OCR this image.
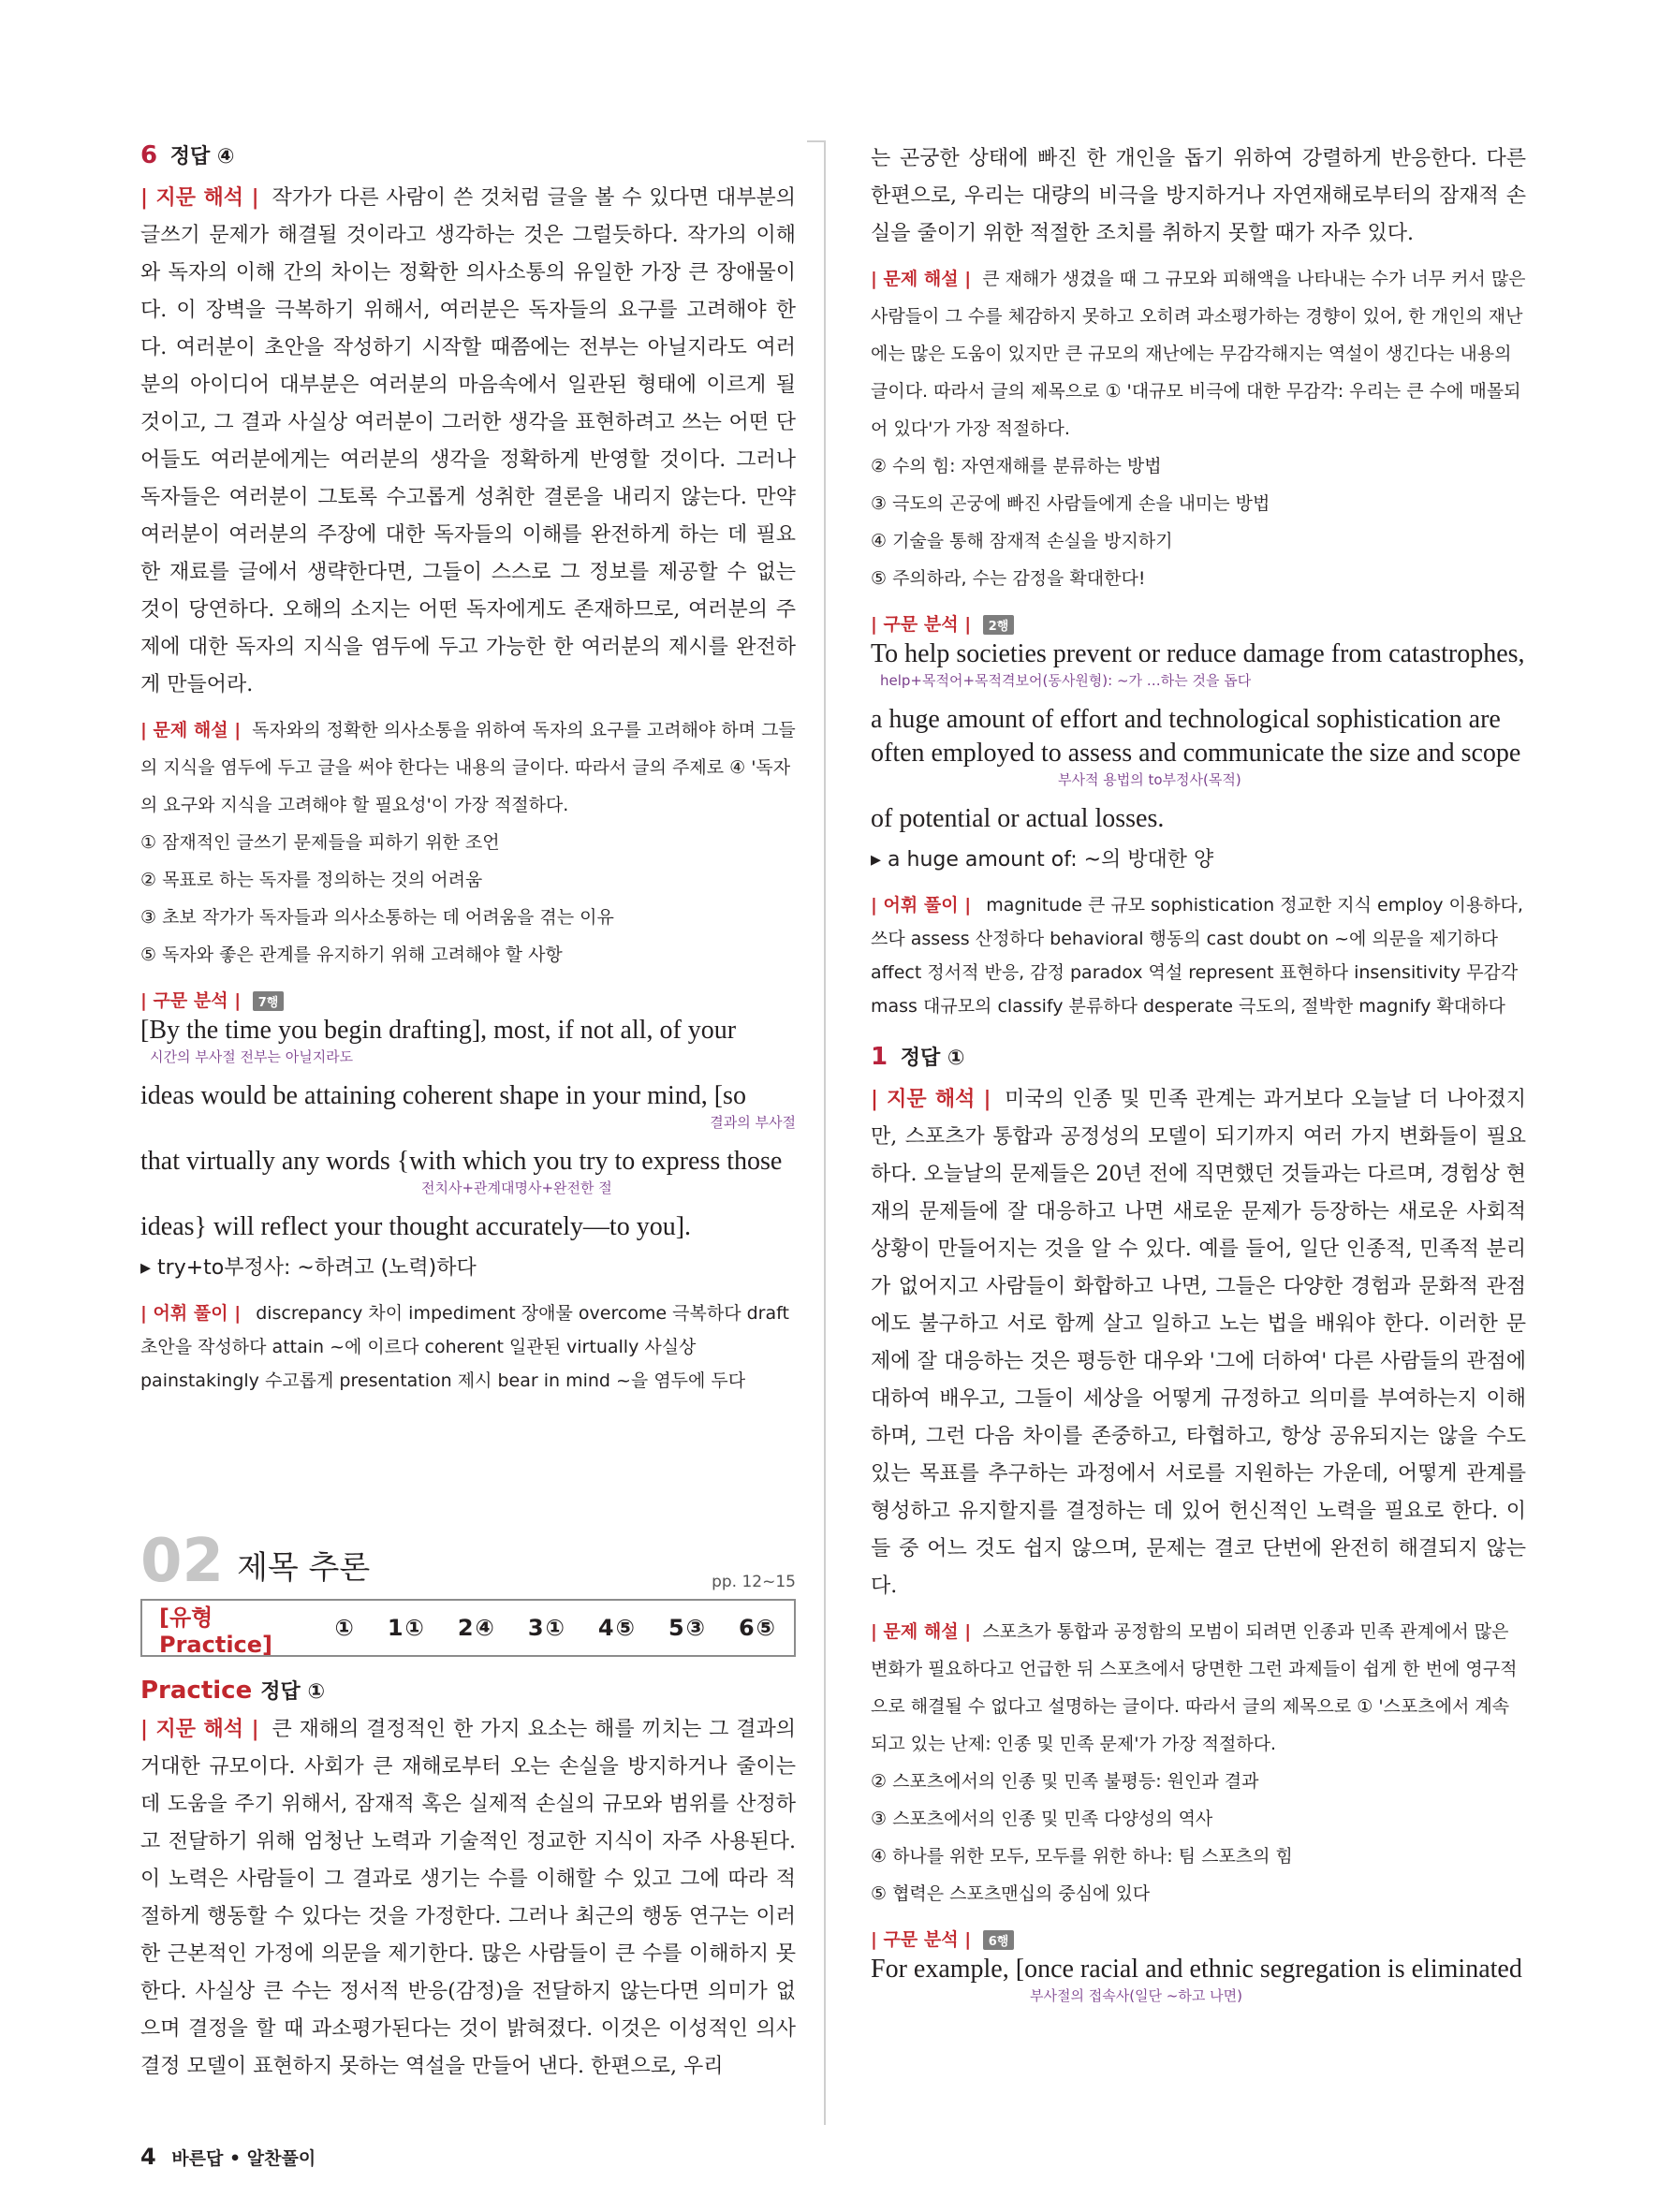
6 정답 ④

| 지문 해석 | 작가가 다른 사람이 쓴 것처럼 글을 볼 수 있다면 대부분의 글쓰기 문제가 해결될 것이라고 생각하는 것은 그럴듯하다. 작가의 이해와 독자의 이해 간의 차이는 정확한 의사소통의 유일한 가장 큰 장애물이다. 이 장벽을 극복하기 위해서, 여러분은 독자들의 요구를 고려해야 한다. 여러분이 초안을 작성하기 시작할 때쯤에는 전부는 아닐지라도 여러분의 아이디어 대부분은 여러분의 마음속에서 일관된 형태에 이르게 될 것이고, 그 결과 사실상 여러분이 그러한 생각을 표현하려고 쓰는 어떤 단어들도 여러분에게는 여러분의 생각을 정확하게 반영할 것이다. 그러나 독자들은 여러분이 그토록 수고롭게 성취한 결론을 내리지 않는다. 만약 여러분이 여러분의 주장에 대한 독자들의 이해를 완전하게 하는 데 필요한 재료를 글에서 생략한다면, 그들이 스스로 그 정보를 제공할 수 없는 것이 당연하다. 오해의 소지는 어떤 독자에게도 존재하므로, 여러분의 주제에 대한 독자의 지식을 염두에 두고 가능한 한 여러분의 제시를 완전하게 만들어라.

| 문제 해설 | 독자와의 정확한 의사소통을 위하여 독자의 요구를 고려해야 하며 그들의 지식을 염두에 두고 글을 써야 한다는 내용의 글이다. 따라서 글의 주제로 ④ '독자의 요구와 지식을 고려해야 할 필요성'이 가장 적절하다.

① 잠재적인 글쓰기 문제들을 피하기 위한 조언
② 목표로 하는 독자를 정의하는 것의 어려움
③ 초보 작가가 독자들과 의사소통하는 데 어려움을 겪는 이유
⑤ 독자와 좋은 관계를 유지하기 위해 고려해야 할 사항
| 구문 분석 | 7행

[By the time you begin drafting], most, if not all, of your

시간의 부사절 전부는 아닐지라도

ideas would be attaining coherent shape in your mind, [so

결과의 부사절

that virtually any words {with which you try to express those

전치사+관계대명사+완전한 절

ideas} will reflect your thought accurately—to you].

▸ try+to부정사: ~하려고 (노력)하다

| 어휘 풀이 | discrepancy 차이 impediment 장애물 overcome 극복하다 draft 초안을 작성하다 attain ~에 이르다 coherent 일관된 virtually 사실상 painstakingly 수고롭게 presentation 제시 bear in mind ~을 염두에 두다

02 제목 추론	pp. 12~15
[유형 Practice]
① 1① 2④ 3① 4⑤ 5③ 6⑤
Practice 정답 ①

| 지문 해석 | 큰 재해의 결정적인 한 가지 요소는 해를 끼치는 그 결과의 거대한 규모이다. 사회가 큰 재해로부터 오는 손실을 방지하거나 줄이는 데 도움을 주기 위해서, 잠재적 혹은 실제적 손실의 규모와 범위를 산정하고 전달하기 위해 엄청난 노력과 기술적인 정교한 지식이 자주 사용된다. 이 노력은 사람들이 그 결과로 생기는 수를 이해할 수 있고 그에 따라 적절하게 행동할 수 있다는 것을 가정한다. 그러나 최근의 행동 연구는 이러한 근본적인 가정에 의문을 제기한다. 많은 사람들이 큰 수를 이해하지 못한다. 사실상 큰 수는 정서적 반응(감정)을 전달하지 않는다면 의미가 없으며 결정을 할 때 과소평가된다는 것이 밝혀졌다. 이것은 이성적인 의사 결정 모델이 표현하지 못하는 역설을 만들어 낸다. 한편으로, 우리

는 곤궁한 상태에 빠진 한 개인을 돕기 위하여 강렬하게 반응한다. 다른 한편으로, 우리는 대량의 비극을 방지하거나 자연재해로부터의 잠재적 손실을 줄이기 위한 적절한 조치를 취하지 못할 때가 자주 있다.

| 문제 해설 | 큰 재해가 생겼을 때 그 규모와 피해액을 나타내는 수가 너무 커서 많은 사람들이 그 수를 체감하지 못하고 오히려 과소평가하는 경향이 있어, 한 개인의 재난에는 많은 도움이 있지만 큰 규모의 재난에는 무감각해지는 역설이 생긴다는 내용의 글이다. 따라서 글의 제목으로 ① '대규모 비극에 대한 무감각: 우리는 큰 수에 매몰되어 있다'가 가장 적절하다.

② 수의 힘: 자연재해를 분류하는 방법
③ 극도의 곤궁에 빠진 사람들에게 손을 내미는 방법
④ 기술을 통해 잠재적 손실을 방지하기
⑤ 주의하라, 수는 감정을 확대한다!
| 구문 분석 | 2행

To help societies prevent or reduce damage from catastrophes,

help+목적어+목적격보어(동사원형): ~가 …하는 것을 돕다

a huge amount of effort and technological sophistication are

often employed to assess and communicate the size and scope

부사적 용법의 to부정사(목적)

of potential or actual losses.

▸ a huge amount of: ~의 방대한 양

| 어휘 풀이 | magnitude 큰 규모 sophistication 정교한 지식 employ 이용하다, 쓰다 assess 산정하다 behavioral 행동의 cast doubt on ~에 의문을 제기하다 affect 정서적 반응, 감정 paradox 역설 represent 표현하다 insensitivity 무감각 mass 대규모의 classify 분류하다 desperate 극도의, 절박한 magnify 확대하다

1 정답 ①

| 지문 해석 | 미국의 인종 및 민족 관계는 과거보다 오늘날 더 나아졌지만, 스포츠가 통합과 공정성의 모델이 되기까지 여러 가지 변화들이 필요하다. 오늘날의 문제들은 20년 전에 직면했던 것들과는 다르며, 경험상 현재의 문제들에 잘 대응하고 나면 새로운 문제가 등장하는 새로운 사회적 상황이 만들어지는 것을 알 수 있다. 예를 들어, 일단 인종적, 민족적 분리가 없어지고 사람들이 화합하고 나면, 그들은 다양한 경험과 문화적 관점에도 불구하고 서로 함께 살고 일하고 노는 법을 배워야 한다. 이러한 문제에 잘 대응하는 것은 평등한 대우와 '그에 더하여' 다른 사람들의 관점에 대하여 배우고, 그들이 세상을 어떻게 규정하고 의미를 부여하는지 이해하며, 그런 다음 차이를 존중하고, 타협하고, 항상 공유되지는 않을 수도 있는 목표를 추구하는 과정에서 서로를 지원하는 가운데, 어떻게 관계를 형성하고 유지할지를 결정하는 데 있어 헌신적인 노력을 필요로 한다. 이들 중 어느 것도 쉽지 않으며, 문제는 결코 단번에 완전히 해결되지 않는다.

| 문제 해설 | 스포츠가 통합과 공정함의 모범이 되려면 인종과 민족 관계에서 많은 변화가 필요하다고 언급한 뒤 스포츠에서 당면한 그런 과제들이 쉽게 한 번에 영구적으로 해결될 수 없다고 설명하는 글이다. 따라서 글의 제목으로 ① '스포츠에서 계속되고 있는 난제: 인종 및 민족 문제'가 가장 적절하다.

② 스포츠에서의 인종 및 민족 불평등: 원인과 결과
③ 스포츠에서의 인종 및 민족 다양성의 역사
④ 하나를 위한 모두, 모두를 위한 하나: 팀 스포츠의 힘
⑤ 협력은 스포츠맨십의 중심에 있다
| 구문 분석 | 6행

For example, [once racial and ethnic segregation is eliminated

부사절의 접속사(일단 ~하고 나면)

4 바른답 • 알찬풀이
